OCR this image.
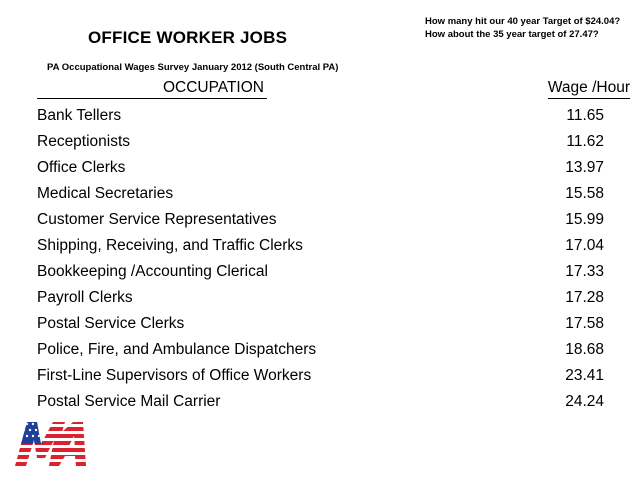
OFFICE WORKER JOBS
PA Occupational Wages Survey January 2012 (South Central PA)
How many hit our 40 year Target of $24.04?
How about the 35 year target of 27.47?
OCCUPATION	Wage /Hour
Bank Tellers	11.65
Receptionists	11.62
Office Clerks	13.97
Medical Secretaries	15.58
Customer Service Representatives	15.99
Shipping, Receiving, and Traffic Clerks	17.04
Bookkeeping /Accounting Clerical	17.33
Payroll Clerks	17.28
Postal Service Clerks	17.58
Police, Fire, and Ambulance Dispatchers	18.68
First-Line Supervisors of Office Workers	23.41
Postal Service Mail Carrier	24.24
